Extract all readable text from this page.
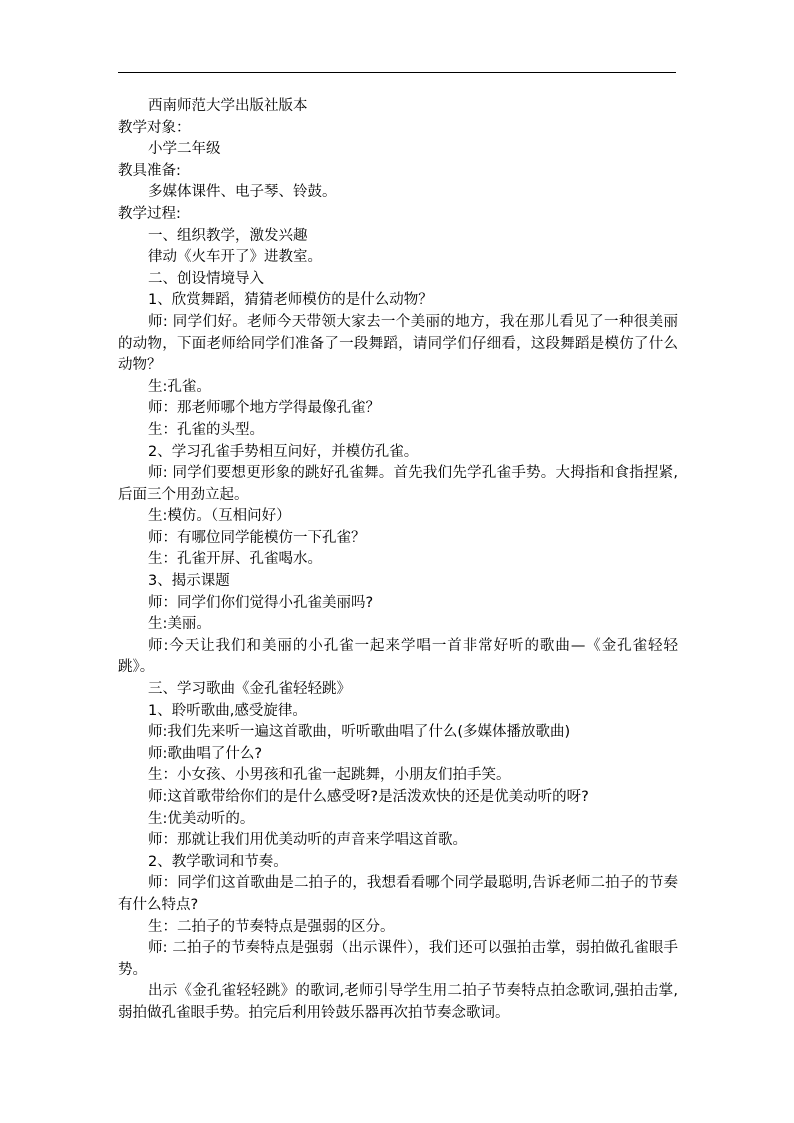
西南师范大学出版社版本

教学对象：

小学二年级

教具准备:

多媒体课件、电子琴、铃鼓。

教学过程:

一、组织教学，激发兴趣

律动《火车开了》进教室。

二、创设情境导入

1、欣赏舞蹈，猜猜老师模仿的是什么动物？

师: 同学们好。老师今天带领大家去一个美丽的地方，我在那儿看见了一种很美丽的动物，下面老师给同学们准备了一段舞蹈，请同学们仔细看，这段舞蹈是模仿了什么动物？

生:孔雀。

师：那老师哪个地方学得最像孔雀？

生：孔雀的头型。

2、学习孔雀手势相互问好，并模仿孔雀。

师: 同学们要想更形象的跳好孔雀舞。首先我们先学孔雀手势。大拇指和食指捏紧,后面三个用劲立起。

生:模仿。（互相问好）

师：有哪位同学能模仿一下孔雀？

生：孔雀开屏、孔雀喝水。

3、揭示课题

师：同学们你们觉得小孔雀美丽吗?

生:美丽。

师:今天让我们和美丽的小孔雀一起来学唱一首非常好听的歌曲—《金孔雀轻轻跳》。

三、学习歌曲《金孔雀轻轻跳》

1、聆听歌曲,感受旋律。

师:我们先来听一遍这首歌曲，听听歌曲唱了什么(多媒体播放歌曲)

师:歌曲唱了什么?

生：小女孩、小男孩和孔雀一起跳舞，小朋友们拍手笑。

师:这首歌带给你们的是什么感受呀?是活泼欢快的还是优美动听的呀?

生:优美动听的。

师：那就让我们用优美动听的声音来学唱这首歌。

2、教学歌词和节奏。

师：同学们这首歌曲是二拍子的，我想看看哪个同学最聪明,告诉老师二拍子的节奏有什么特点?

生：二拍子的节奏特点是强弱的区分。

师: 二拍子的节奏特点是强弱（出示课件），我们还可以强拍击掌，弱拍做孔雀眼手势。

出示《金孔雀轻轻跳》的歌词,老师引导学生用二拍子节奏特点拍念歌词,强拍击掌,弱拍做孔雀眼手势。拍完后利用铃鼓乐器再次拍节奏念歌词。
